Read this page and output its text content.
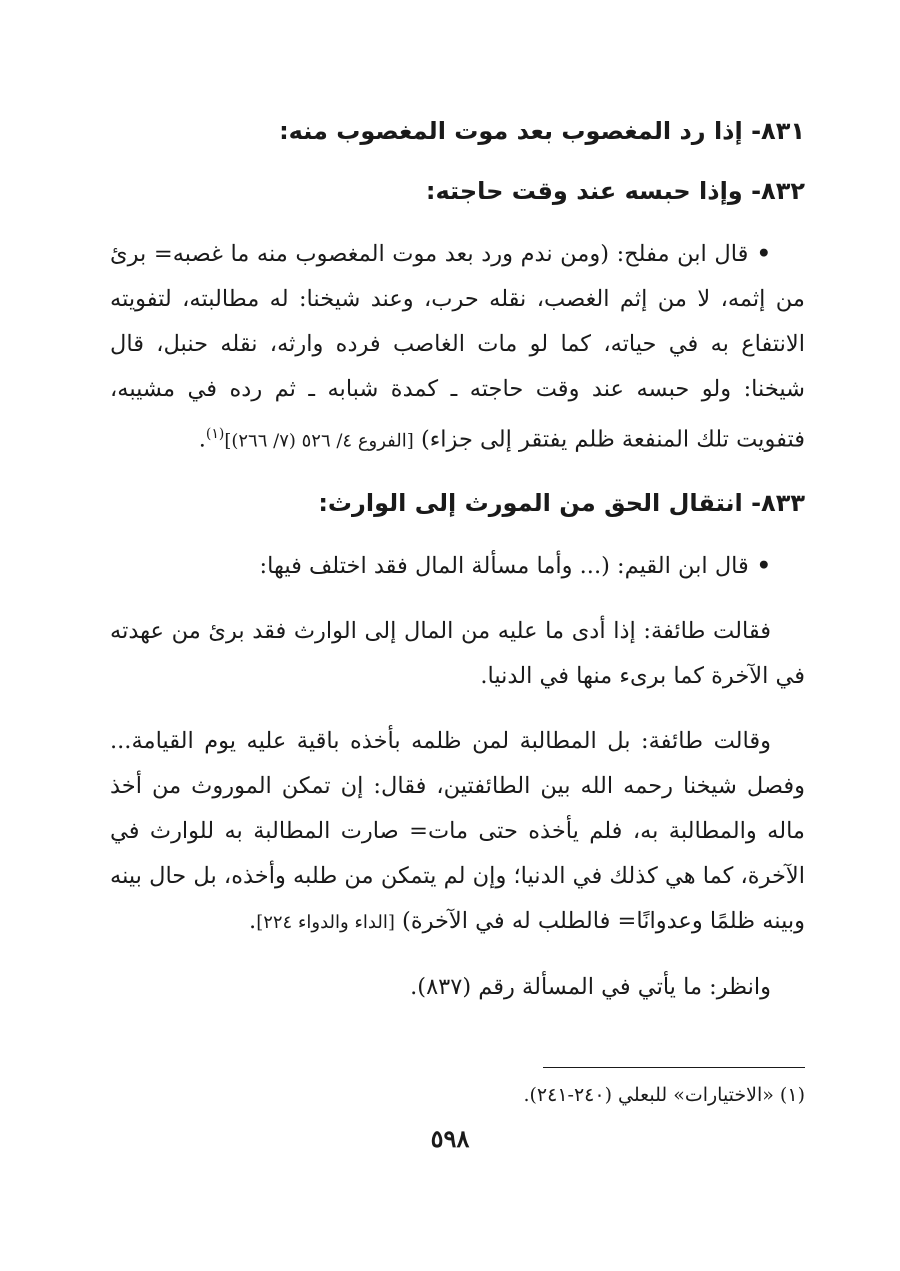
٨٣١- إذا رد المغصوب بعد موت المغصوب منه:

٨٣٢- وإذا حبسه عند وقت حاجته:

• قال ابن مفلح: (ومن ندم ورد بعد موت المغصوب منه ما غصبه= برئ من إثمه، لا من إثم الغصب، نقله حرب، وعند شيخنا: له مطالبته، لتفويته الانتفاع به في حياته، كما لو مات الغاصب فرده وارثه، نقله حنبل، قال شيخنا: ولو حبسه عند وقت حاجته ـ كمدة شبابه ـ ثم رده في مشيبه، فتفويت تلك المنفعة ظلم يفتقر إلى جزاء) [الفروع ٤/ ٥٢٦ (٧/ ٢٦٦)]$^{(١)}$.

٨٣٣- انتقال الحق من المورث إلى الوارث:

• قال ابن القيم: (... وأما مسألة المال فقد اختلف فيها:

فقالت طائفة: إذا أدى ما عليه من المال إلى الوارث فقد برئ من عهدته في الآخرة كما برىء منها في الدنيا.

وقالت طائفة: بل المطالبة لمن ظلمه بأخذه باقية عليه يوم القيامة... وفصل شيخنا رحمه الله بين الطائفتين، فقال: إن تمكن الموروث من أخذ ماله والمطالبة به، فلم يأخذه حتى مات= صارت المطالبة به للوارث في الآخرة، كما هي كذلك في الدنيا؛ وإن لم يتمكن من طلبه وأخذه، بل حال بينه وبينه ظلمًا وعدوانًا= فالطلب له في الآخرة) [الداء والدواء ٢٢٤].

وانظر: ما يأتي في المسألة رقم (٨٣٧).

(١) «الاختيارات» للبعلي (٢٤٠-٢٤١).
٥٩٨
